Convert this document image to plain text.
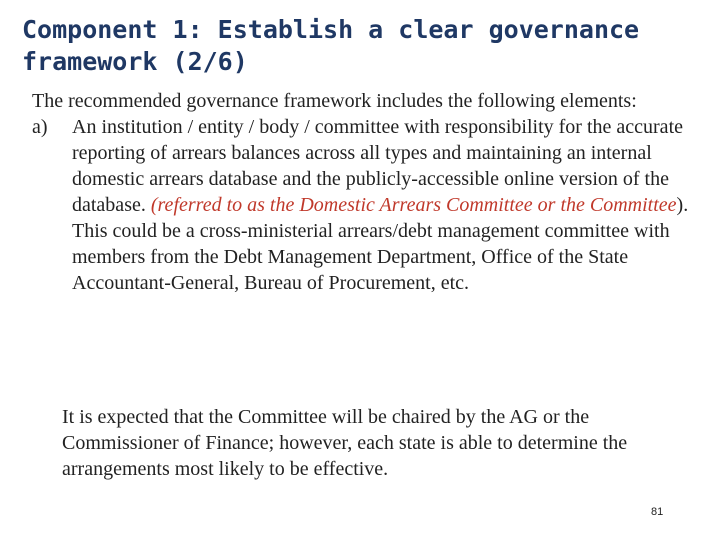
Component 1: Establish a clear governance
framework (2/6)

The recommended governance framework includes the following elements:

a)	An institution / entity / body / committee with responsibility for the accurate reporting of arrears balances across all types and maintaining an internal domestic arrears database and the publicly-accessible online version of the database. (referred to as the Domestic Arrears Committee or the Committee). This could be a cross-ministerial arrears/debt management committee with members from the Debt Management Department, Office of the State Accountant-General, Bureau of Procurement, etc.

It is expected that the Committee will be chaired by the AG or the Commissioner of Finance; however, each state is able to determine the arrangements most likely to be effective.

81
